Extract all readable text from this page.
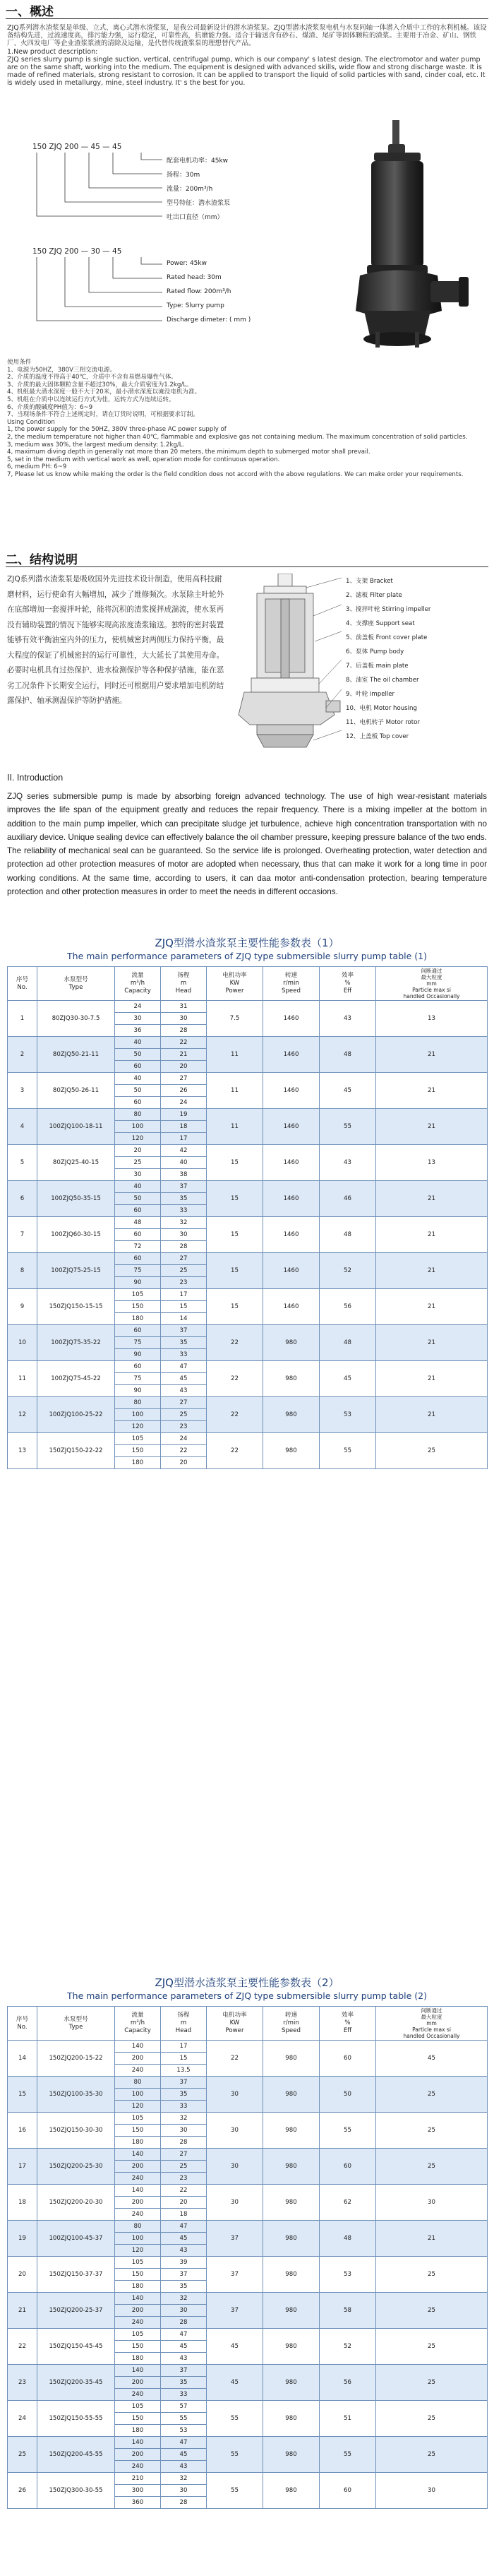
一、概述

ZJQ系列潜水渣浆泵是单级、立式、离心式潜水渣浆泵，是我公司最新设计的潜水渣浆泵。ZJQ型潜水渣浆泵电机与水泵同轴一体潜入介质中工作的水利机械。该设备结构先进，过流速度高，排污能力强，运行稳定，可靠性高，抗磨能力强。适合于输送含有砂石、煤渣、尾矿等固体颗粒的渣浆。主要用于冶金、矿山、钢铁厂、火四发电厂等企业渣浆浆液的清除及运输，是代替传统渣浆泵的理想替代产品。

1.New product description:

ZJQ series slurry pump is single suction, vertical, centrifugal pump, which is our company' s latest design. The electromotor and water pump are on the same shaft, working into the medium. The equipment is designed with advanced skills, wide flow and strong discharge waste. It is made of refined materials, strong resistant to corrosion. It can be applied to transport the liquid of solid particles with sand, cinder coal, etc. It is widely used in metallurgy, mine, steel industry. It' s the best for you.

150 ZJQ 200 — 45 — 45
配套电机功率：45kw
扬程：30m
流量：200m³/h
型号特征：潜水渣浆泵
吐出口直径（mm）
150 ZJQ 200 — 30 — 45
Power: 45kw
Rated head: 30m
Rated flow: 200m³/h
Type: Slurry pump
Discharge dimeter: ( mm )

使用条件

1、电源为50HZ，380V三相交流电源。

2、介质的温度不得高于40℃，介质中不含有易燃易爆性气体。

3、介质的最大固体颗粒含量不超过30%，最大介质密度为1.2kg/L。

4、机组最大潜水深度一般不大于20米，最小潜水深度以淹没电机为准。

5、机组在介质中以连续运行方式为佳，运转方式为连续运转。

6、介质的酸碱度PH值为：6~9

7、当现场条件不符合上述规定时，请在订货时说明，可根据要求订制。

Using Condition

1, the power supply for the 50HZ, 380V three-phase AC power supply of

2, the medium temperature not higher than 40℃, flammable and explosive gas not containing medium. The maximum concentration of solid particles.

3, medium was 30%, the largest medium density: 1.2kg/L.

4, maximum diving depth in generally not more than 20 meters, the minimum depth to submerged motor shall prevail.

5, set in the medium with vertical work as well, operation mode for continuous operation.

6, medium PH: 6~9

7, Please let us know while making the order is the field condition does not accord with the above regulations. We can make order your requirements.

二、结构说明
ZJQ系列潜水渣浆泵是吸收国外先进技术设计制造，使用高科技耐磨材料，运行使命有大幅增加，减少了维修频次。水泵除主叶轮外在底部增加一套搅拌叶轮，能将沉积的渣浆搅拌成湍流，使水泵再没有辅助装置的情况下能够实现高浓度渣浆输送。独特的密封装置能够有效平衡油室内外的压力，使机械密封两侧压力保持平衡，最大程度的保证了机械密封的运行可靠性，大大延长了其使用寿命。必要时电机具有过热保护、进水检测保护等各种保护措施，能在恶劣工况条件下长期安全运行，同时还可根据用户要求增加电机防结露保护、轴承测温保护等防护措施。
1、支架 Bracket
2、滤板 Filter plate
3、搅拌叶轮 Stirring impeller
4、支撑座 Support seat
5、前盖板 Front cover plate
6、泵体 Pump body
7、后盖板 main plate
8、油室 The oil chamber
9、叶轮 impeller
10、电机 Motor housing
11、电机转子 Motor rotor
12、上盖板 Top cover
II. Introduction
ZJQ series submersible pump is made by absorbing foreign advanced technology. The use of high wear-resistant materials improves the life span of the equipment greatly and reduces the repair frequency. There is a mixing impeller at the bottom in addition to the main pump impeller, which can precipitate sludge jet turbulence, achieve high concentration transportation with no auxiliary device. Unique sealing device can effectively balance the oil chamber pressure, keeping pressure balance of the two ends. The reliability of mechanical seal can be guaranteed. So the service life is prolonged. Overheating protection, water detection and protection ad other protection measures of motor are adopted when necessary, thus that can make it work for a long time in poor working conditions. At the same time, according to users, it can daa motor anti-condensation protection, bearing temperature protection and other protection measures in order to meet the needs in different occasions.
ZJQ型潜水渣浆泵主要性能参数表（1）
The main performance parameters of ZJQ type submersible slurry pump table (1)
序号
No.	水泵型号
Type	流量
m³/h
Capacity	扬程
m
Head	电机功率
KW
Power	转速
r/min
Speed	效率
%
Eff	间断通过
最大粒度
mm
Particle max si
handled Occasionally
1	80ZJQ30-30-7.5	24	31	7.5	1460	43	13
		30	30				
		36	28				
2	80ZJQ50-21-11	40	22	11	1460	48	21
		50	21				
		60	20				
3	80ZJQ50-26-11	40	27	11	1460	45	21
		50	26				
		60	24				
4	100ZJQ100-18-11	80	19	11	1460	55	21
		100	18				
		120	17				
5	80ZJQ25-40-15	20	42	15	1460	43	13
		25	40				
		30	38				
6	100ZJQ50-35-15	40	37	15	1460	46	21
		50	35				
		60	33				
7	100ZJQ60-30-15	48	32	15	1460	48	21
		60	30				
		72	28				
8	100ZJQ75-25-15	60	27	15	1460	52	21
		75	25				
		90	23				
9	150ZJQ150-15-15	105	17	15	1460	56	21
		150	15				
		180	14				
10	100ZJQ75-35-22	60	37	22	980	48	21
		75	35				
		90	33				
11	100ZJQ75-45-22	60	47	22	980	45	21
		75	45				
		90	43				
12	100ZJQ100-25-22	80	27	22	980	53	21
		100	25				
		120	23				
13	150ZJQ150-22-22	105	24	22	980	55	25
		150	22				
		180	20				
ZJQ型潜水渣浆泵主要性能参数表（2）
The main performance parameters of ZJQ type submersible slurry pump table (2)
序号
No.	水泵型号
Type	流量
m³/h
Capacity	扬程
m
Head	电机功率
KW
Power	转速
r/min
Speed	效率
%
Eff	间断通过
最大粒度
mm
Particle max si
handled Occasionally
14	150ZJQ200-15-22	140	17	22	980	60	45
		200	15				
		240	13.5				
15	150ZJQ100-35-30	80	37	30	980	50	25
		100	35				
		120	33				
16	150ZJQ150-30-30	105	32	30	980	55	25
		150	30				
		180	28				
17	150ZJQ200-25-30	140	27	30	980	60	25
		200	25				
		240	23				
18	150ZJQ200-20-30	140	22	30	980	62	30
		200	20				
		240	18				
19	100ZJQ100-45-37	80	47	37	980	48	21
		100	45				
		120	43				
20	150ZJQ150-37-37	105	39	37	980	53	25
		150	37				
		180	35				
21	150ZJQ200-25-37	140	32	37	980	58	25
		200	30				
		240	28				
22	150ZJQ150-45-45	105	47	45	980	52	25
		150	45				
		180	43				
23	150ZJQ200-35-45	140	37	45	980	56	25
		200	35				
		240	33				
24	150ZJQ150-55-55	105	57	55	980	51	25
		150	55				
		180	53				
25	150ZJQ200-45-55	140	47	55	980	55	25
		200	45				
		240	43				
26	150ZJQ300-30-55	210	32	55	980	60	30
		300	30				
		360	28				
